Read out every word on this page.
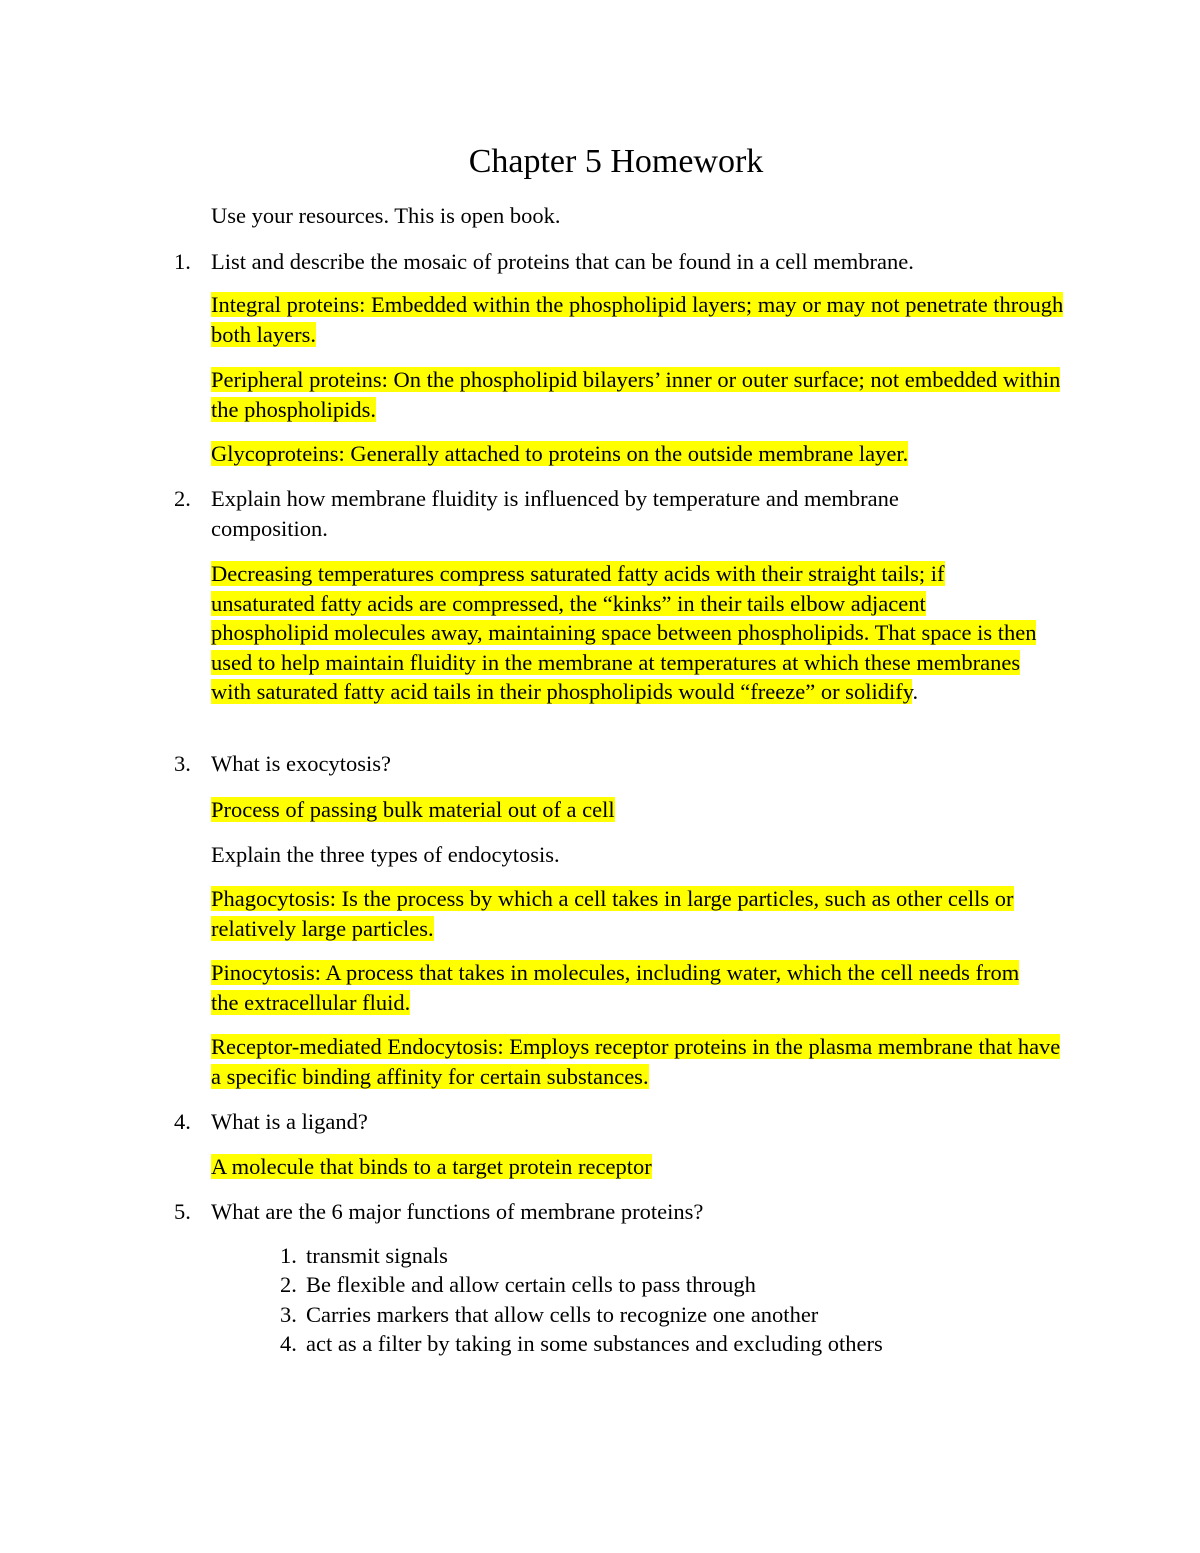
Chapter 5 Homework

Use your resources. This is open book.

1. List and describe the mosaic of proteins that can be found in a cell membrane.

Integral proteins: Embedded within the phospholipid layers; may or may not penetrate through both layers.

Peripheral proteins: On the phospholipid bilayers’ inner or outer surface; not embedded within the phospholipids.

Glycoproteins: Generally attached to proteins on the outside membrane layer.

2. Explain how membrane fluidity is influenced by temperature and membrane composition.

Decreasing temperatures compress saturated fatty acids with their straight tails; if unsaturated fatty acids are compressed, the “kinks” in their tails elbow adjacent phospholipid molecules away, maintaining space between phospholipids. That space is then used to help maintain fluidity in the membrane at temperatures at which these membranes with saturated fatty acid tails in their phospholipids would “freeze” or solidify.

3. What is exocytosis?

Process of passing bulk material out of a cell

Explain the three types of endocytosis.

Phagocytosis: Is the process by which a cell takes in large particles, such as other cells or relatively large particles.

Pinocytosis: A process that takes in molecules, including water, which the cell needs from the extracellular fluid.

Receptor-mediated Endocytosis: Employs receptor proteins in the plasma membrane that have a specific binding affinity for certain substances.

4. What is a ligand?

A molecule that binds to a target protein receptor

5. What are the 6 major functions of membrane proteins?

1. transmit signals
2. Be flexible and allow certain cells to pass through
3. Carries markers that allow cells to recognize one another
4. act as a filter by taking in some substances and excluding others
